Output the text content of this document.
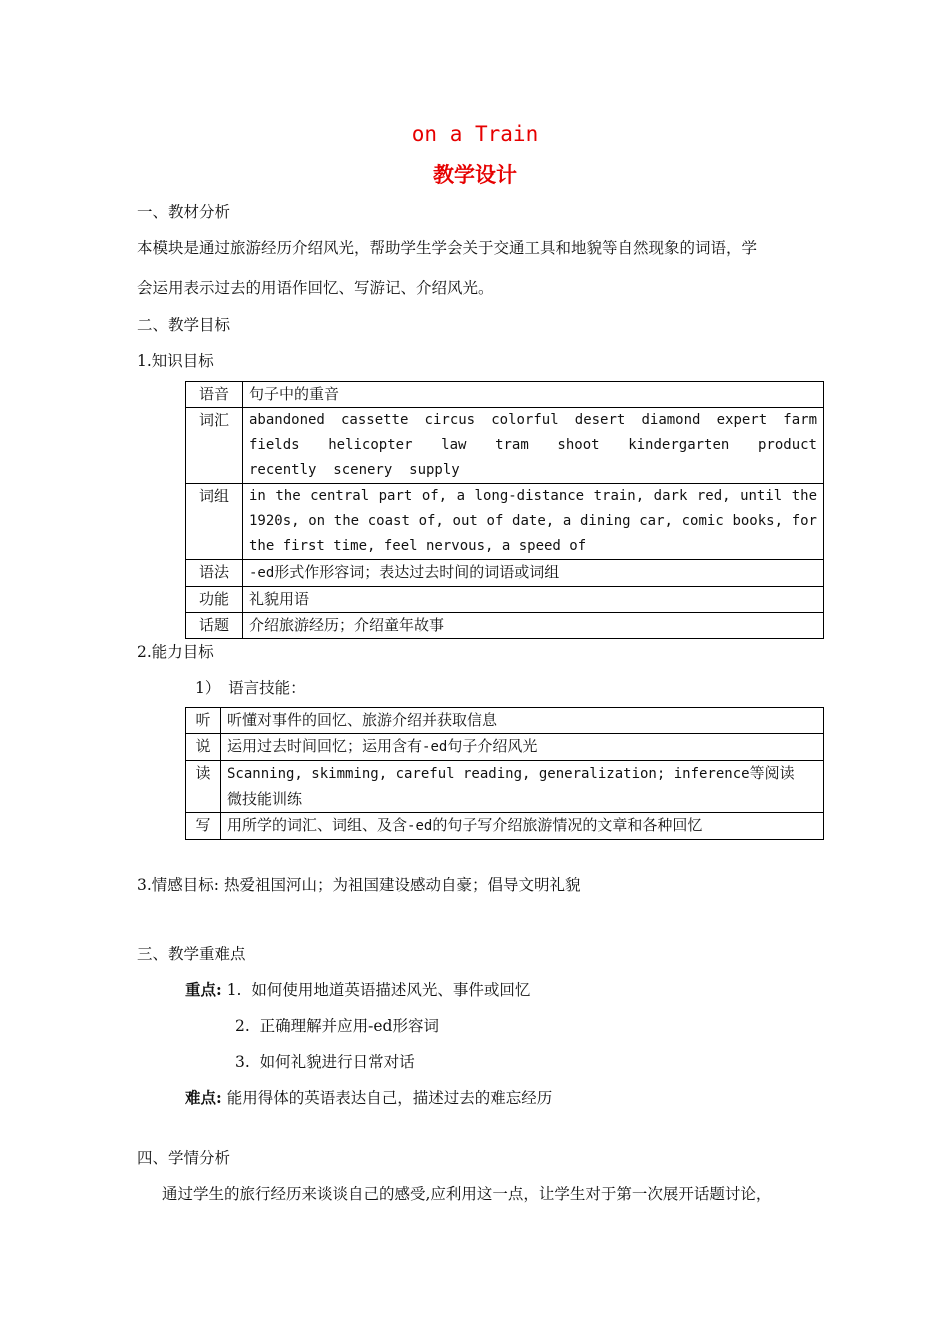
on a Train
教学设计
一、教材分析
本模块是通过旅游经历介绍风光，帮助学生学会关于交通工具和地貌等自然现象的词语，学
会运用表示过去的用语作回忆、写游记、介绍风光。
二、教学目标
1.知识目标
语音	句子中的重音
词汇	abandoned cassette circus colorful desert diamond expert farm
fields helicopter law tram shoot kindergarten product
recently  scenery  supply

词组	in the central part of, a long-distance train, dark red, until the
1920s, on the coast of, out of date, a dining car, comic books, for
the first time, feel nervous, a speed of

语法	-ed形式作形容词；表达过去时间的词语或词组
功能	礼貌用语
话题	介绍旅游经历；介绍童年故事
2.能力目标
1）　语言技能：
听	听懂对事件的回忆、旅游介绍并获取信息
说	运用过去时间回忆；运用含有-ed句子介绍风光
读	Scanning, skimming, careful reading, generalization; inference等阅读
微技能训练

写	用所学的词汇、词组、及含-ed的句子写介绍旅游情况的文章和各种回忆
3.情感目标: 热爱祖国河山；为祖国建设感动自豪；倡导文明礼貌
三、教学重难点
重点: 1.  如何使用地道英语描述风光、事件或回忆
2.  正确理解并应用-ed形容词
3.  如何礼貌进行日常对话
难点: 能用得体的英语表达自己，描述过去的难忘经历
四、学情分析
通过学生的旅行经历来谈谈自己的感受,应利用这一点，让学生对于第一次展开话题讨论，
